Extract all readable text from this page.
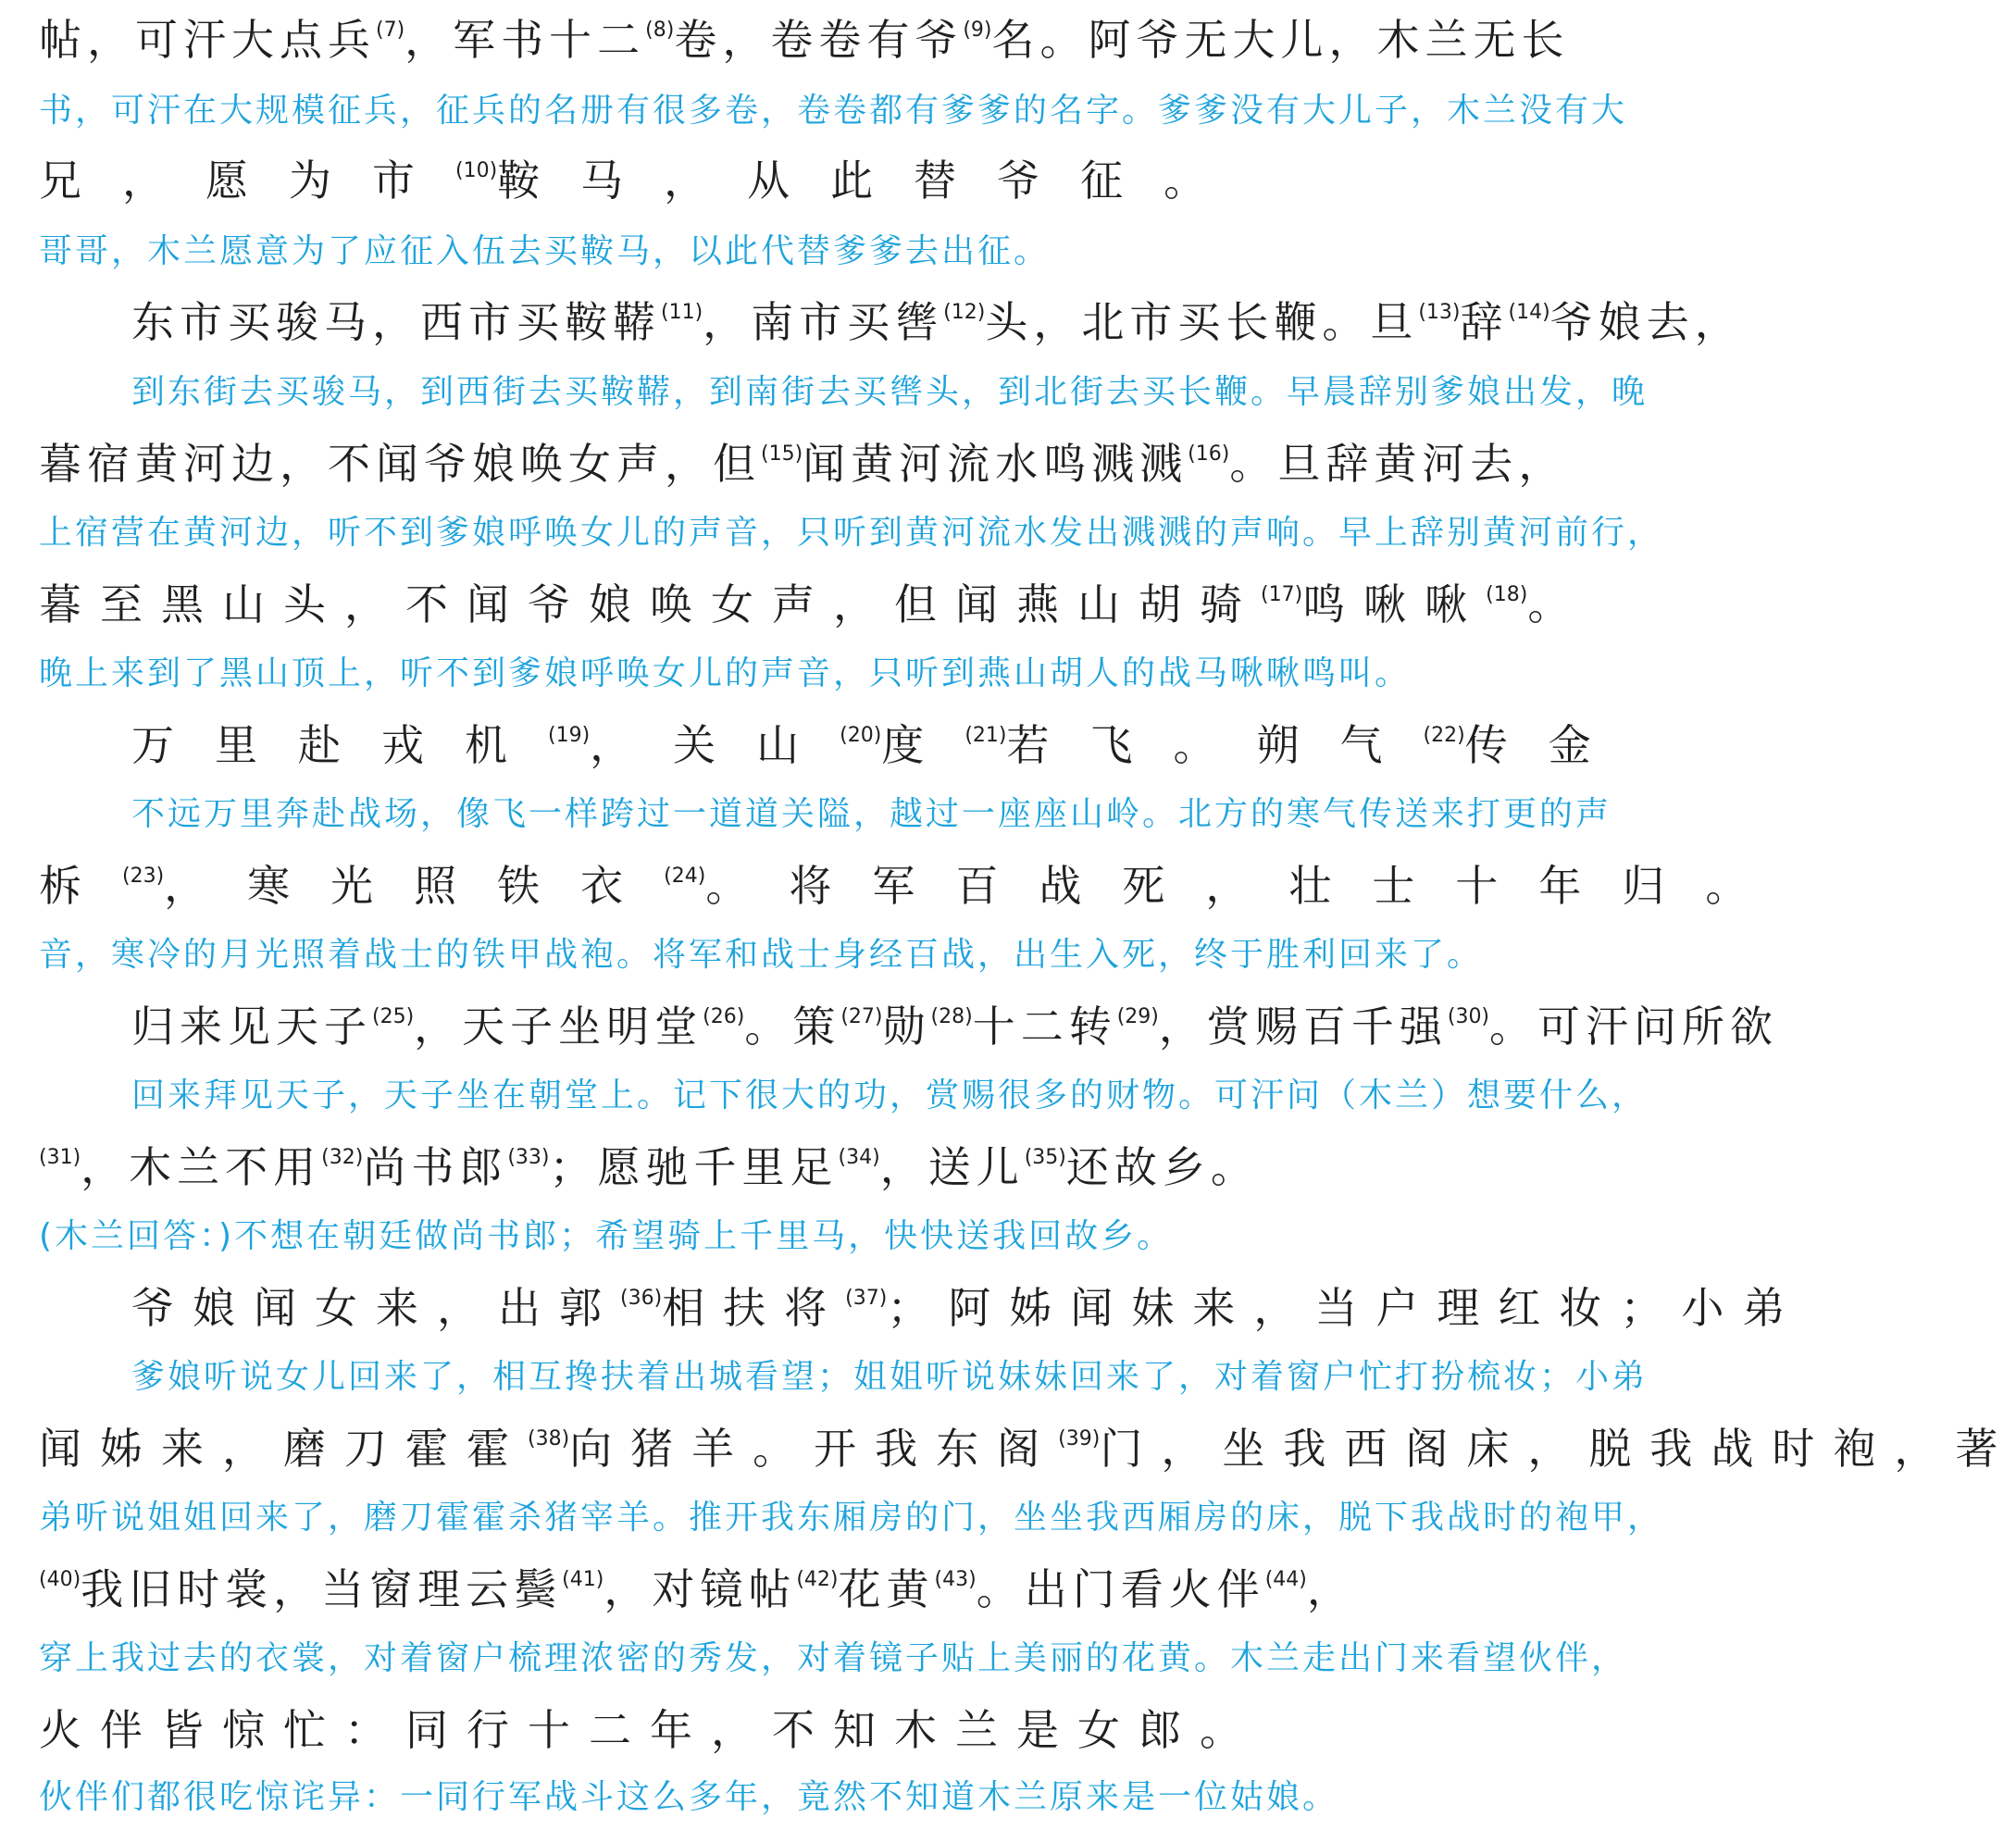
帖，可汗大点兵$^{(7)}$，军书十二$^{(8)}$卷，卷卷有爷$^{(9)}$名。阿爷无大儿，木兰无长
书，可汗在大规模征兵，征兵的名册有很多卷，卷卷都有爹爹的名字。爹爹没有大儿子，木兰没有大
兄，愿为市$^{(10)}$鞍马，从此替爷征。
哥哥，木兰愿意为了应征入伍去买鞍马，以此代替爹爹去出征。
东市买骏马，西市买鞍鞯$^{(11)}$，南市买辔$^{(12)}$头，北市买长鞭。旦$^{(13)}$辞$^{(14)}$爷娘去，
到东街去买骏马，到西街去买鞍鞯，到南街去买辔头，到北街去买长鞭。早晨辞别爹娘出发，晚
暮宿黄河边，不闻爷娘唤女声，但$^{(15)}$闻黄河流水鸣溅溅$^{(16)}$。旦辞黄河去，
上宿营在黄河边，听不到爹娘呼唤女儿的声音，只听到黄河流水发出溅溅的声响。早上辞别黄河前行，
暮至黑山头，不闻爷娘唤女声，但闻燕山胡骑$^{(17)}$鸣啾啾$^{(18)}$。
晚上来到了黑山顶上，听不到爹娘呼唤女儿的声音，只听到燕山胡人的战马啾啾鸣叫。
万里赴戎机$^{(19)}$，关山$^{(20)}$度$^{(21)}$若飞。朔气$^{(22)}$传金
不远万里奔赴战场，像飞一样跨过一道道关隘，越过一座座山岭。北方的寒气传送来打更的声
柝$^{(23)}$，寒光照铁衣$^{(24)}$。将军百战死，壮士十年归。
音，寒冷的月光照着战士的铁甲战袍。将军和战士身经百战，出生入死，终于胜利回来了。
归来见天子$^{(25)}$，天子坐明堂$^{(26)}$。策$^{(27)}$勋$^{(28)}$十二转$^{(29)}$，赏赐百千强$^{(30)}$。可汗问所欲
回来拜见天子，天子坐在朝堂上。记下很大的功，赏赐很多的财物。可汗问（木兰）想要什么，
$^{(31)}$，木兰不用$^{(32)}$尚书郎$^{(33)}$；愿驰千里足$^{(34)}$，送儿$^{(35)}$还故乡。
(木兰回答：)不想在朝廷做尚书郎；希望骑上千里马，快快送我回故乡。
爷娘闻女来，出郭$^{(36)}$相扶将$^{(37)}$；阿姊闻妹来，当户理红妆；小弟
爹娘听说女儿回来了，相互搀扶着出城看望；姐姐听说妹妹回来了，对着窗户忙打扮梳妆；小弟
闻姊来，磨刀霍霍$^{(38)}$向猪羊。开我东阁$^{(39)}$门，坐我西阁床，脱我战时袍，著
弟听说姐姐回来了，磨刀霍霍杀猪宰羊。推开我东厢房的门，坐坐我西厢房的床，脱下我战时的袍甲，
$^{(40)}$我旧时裳，当窗理云鬓$^{(41)}$，对镜帖$^{(42)}$花黄$^{(43)}$。出门看火伴$^{(44)}$，
穿上我过去的衣裳，对着窗户梳理浓密的秀发，对着镜子贴上美丽的花黄。木兰走出门来看望伙伴，
火伴皆惊忙：同行十二年，不知木兰是女郎。
伙伴们都很吃惊诧异：一同行军战斗这么多年，竟然不知道木兰原来是一位姑娘。
